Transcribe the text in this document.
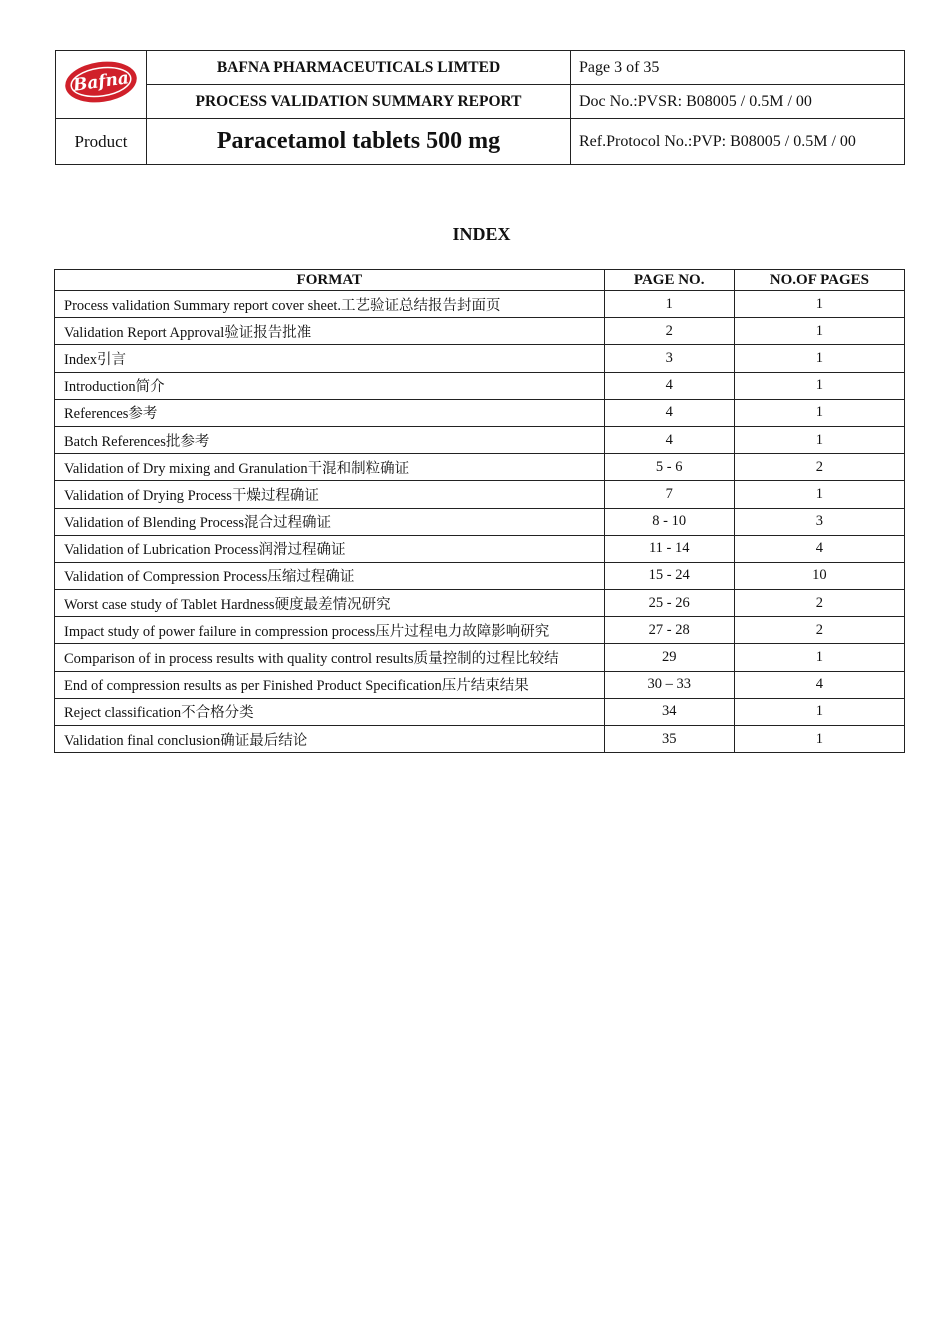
Bafna	BAFNA PHARMACEUTICALS LIMTED	Page 3 of 35
	PROCESS VALIDATION SUMMARY REPORT	Doc No.:PVSR: B08005 / 0.5M / 00
Product	Paracetamol tablets 500 mg	Ref.Protocol No.:PVP: B08005 / 0.5M / 00
INDEX
FORMAT	PAGE NO.	NO.OF PAGES
Process validation Summary report cover sheet.工艺验证总结报告封面页	1	1
Validation Report Approval验证报告批准	2	1
Index引言	3	1
Introduction简介	4	1
References参考	4	1
Batch References批参考	4	1
Validation of Dry mixing and Granulation干混和制粒确证	5 - 6	2
Validation of Drying Process干燥过程确证	7	1
Validation of Blending Process混合过程确证	8 - 10	3
Validation of Lubrication Process润滑过程确证	11 - 14	4
Validation of Compression Process压缩过程确证	15 - 24	10
Worst case study of Tablet Hardness硬度最差情况研究	25 - 26	2
Impact study of power failure in compression process压片过程电力故障影响研究	27 - 28	2
Comparison of in process results with quality control results质量控制的过程比较结	29	1
End of compression results as per Finished Product Specification压片结束结果	30 – 33	4
Reject classification不合格分类	34	1
Validation final conclusion确证最后结论	35	1
